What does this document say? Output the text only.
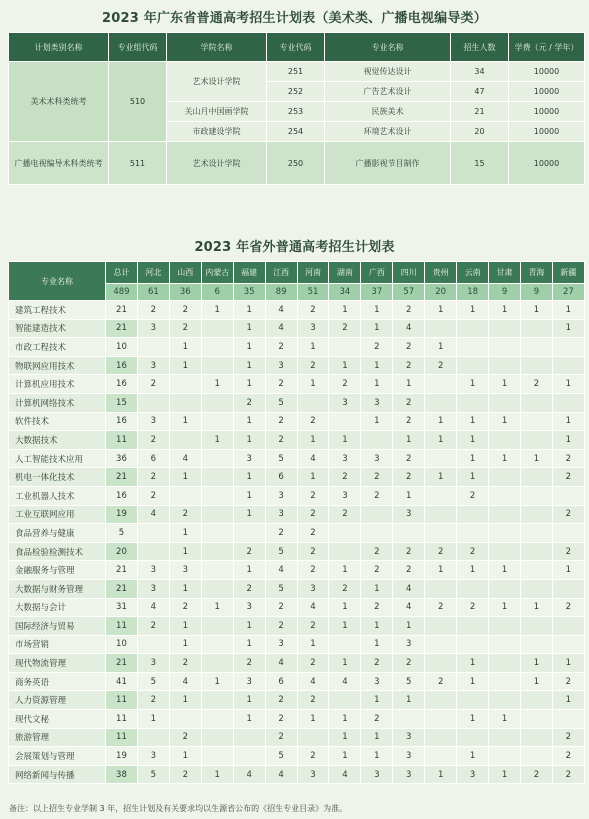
2023 年广东省普通高考招生计划表（美术类、广播电视编导类）
计划类别名称	专业组代码	学院名称	专业代码	专业名称	招生人数	学费（元 / 学年）
美术术科类统考	510	艺术设计学院	251	视觉传达设计	34	10000
			252	广告艺术设计	47	10000
		关山月中国画学院	253	民族美术	21	10000
		市政建设学院	254	环境艺术设计	20	10000
广播电视编导术科类统考	511	艺术设计学院	250	广播影视节目制作	15	10000
2023 年省外普通高考招生计划表
专业名称	总计	河北	山西	内蒙古	福建	江西	河南	湖南	广西	四川	贵州	云南	甘肃	青海	新疆
	489	61	36	6	35	89	51	34	37	57	20	18	9	9	27
建筑工程技术	21	2	2	1	1	4	2	1	1	2	1	1	1	1	1
智能建造技术	21	3	2		1	4	3	2	1	4					1
市政工程技术	10		1		1	2	1		2	2	1				
物联网应用技术	16	3	1		1	3	2	1	1	2	2				
计算机应用技术	16	2		1	1	2	1	2	1	1		1	1	2	1
计算机网络技术	15				2	5		3	3	2					
软件技术	16	3	1		1	2	2		1	2	1	1	1		1
大数据技术	11	2		1	1	2	1	1		1	1	1			1
人工智能技术应用	36	6	4		3	5	4	3	3	2		1	1	1	2
机电一体化技术	21	2	1		1	6	1	2	2	2	1	1			2
工业机器人技术	16	2			1	3	2	3	2	1		2			
工业互联网应用	19	4	2		1	3	2	2		3					2
食品营养与健康	5		1			2	2								
食品检验检测技术	20		1		2	5	2		2	2	2	2			2
金融服务与管理	21	3	3		1	4	2	1	2	2	1	1	1		1
大数据与财务管理	21	3	1		2	5	3	2	1	4					
大数据与会计	31	4	2	1	3	2	4	1	2	4	2	2	1	1	2
国际经济与贸易	11	2	1		1	2	2	1	1	1					
市场营销	10		1		1	3	1		1	3					
现代物流管理	21	3	2		2	4	2	1	2	2		1		1	1
商务英语	41	5	4	1	3	6	4	4	3	5	2	1		1	2
人力资源管理	11	2	1		1	2	2		1	1					1
现代文秘	11	1			1	2	1	1	2			1	1		
旅游管理	11		2			2		1	1	3					2
会展策划与管理	19	3	1			5	2	1	1	3		1			2
网络新闻与传播	38	5	2	1	4	4	3	4	3	3	1	3	1	2	2
备注：以上招生专业学制 3 年，招生计划及有关要求均以生源省公布的《招生专业目录》为准。
